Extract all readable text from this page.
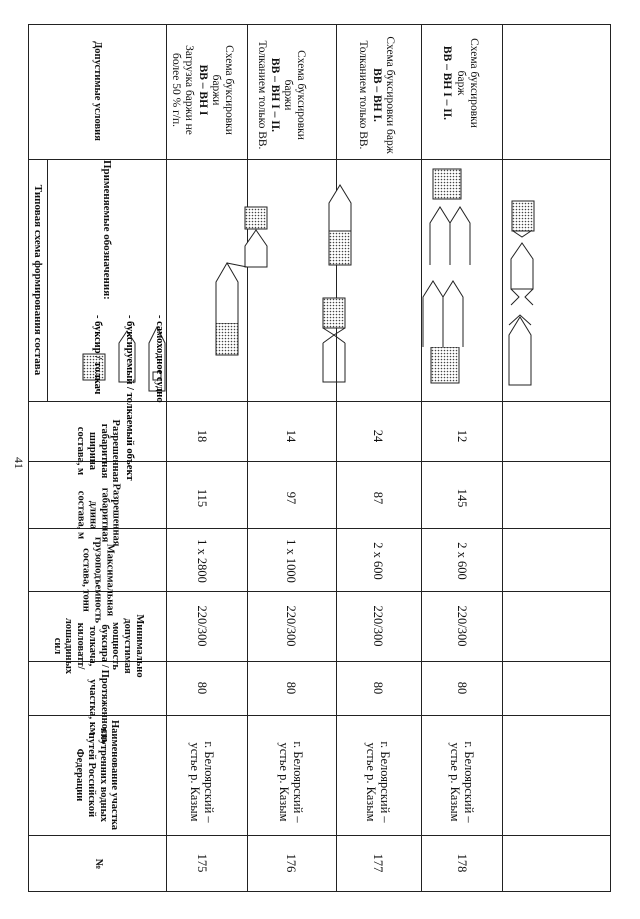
41
Допустимые условия
Типовая схема формирования состава	Применяемые обозначения:
Разрешенная габаритная ширина состава, м
Разрешенная габаритная длина состава, м
Максимальная грузоподъемность состава, тонн
Минимально допустимая мощность буксира / толкача, киловатт/лошадиных сил
Протяженность участка, км
Наименование участка внутренних водных путей Российской Федерации
№
- буксир / толкач - буксируемый / толкаемый объект - самоходное судно
Схема буксировки баржи
ВВ – ВН I
Загрузка баржи не более 50 % г/п.
18
115
1 х 2800
220/300
80
г. Белоярский – устье р. Казым
175
Схема буксировки баржи
ВВ – ВН I – II.
Толканием только ВВ.
14
97
1 х 1000
220/300
80
г. Белоярский – устье р. Казым
176
Схема буксировки барж
ВВ – ВН I.
Толканием только ВВ.
24
87
2 х 600
220/300
80
г. Белоярский – устье р. Казым
177
Схема буксировки барж
ВВ – ВН I – II.
12
145
2 х 600
220/300
80
г. Белоярский – устье р. Казым
178
